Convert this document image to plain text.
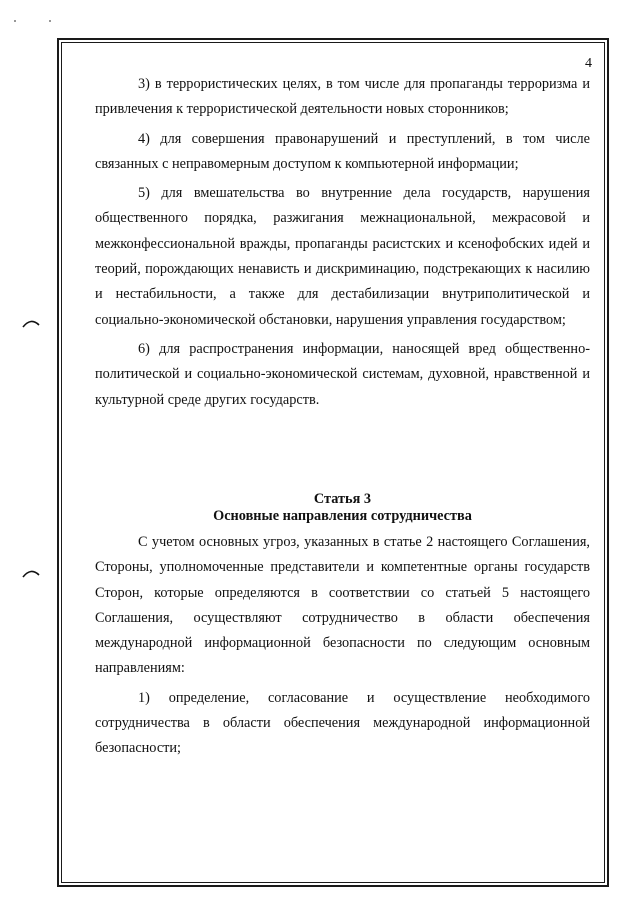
4

3) в террористических целях, в том числе для пропаганды терроризма и привлечения к террористической деятельности новых сторонников;

4) для совершения правонарушений и преступлений, в том числе связанных с неправомерным доступом к компьютерной информации;

5) для вмешательства во внутренние дела государств, нарушения общественного порядка, разжигания межнациональной, межрасовой и межконфессиональной вражды, пропаганды расистских и ксенофобских идей и теорий, порождающих ненависть и дискриминацию, подстрекающих к насилию и нестабильности, а также для дестабилизации внутриполитической и социально-экономической обстановки, нарушения управления государством;

6) для распространения информации, наносящей вред общественно-политической и социально-экономической системам, духовной, нравственной и культурной среде других государств.

Статья 3
Основные направления сотрудничества

С учетом основных угроз, указанных в статье 2 настоящего Соглашения, Стороны, уполномоченные представители и компетентные органы государств Сторон, которые определяются в соответствии со статьей 5 настоящего Соглашения, осуществляют сотрудничество в области обеспечения международной информационной безопасности по следующим основным направлениям:

1) определение, согласование и осуществление необходимого сотрудничества в области обеспечения международной информационной безопасности;
